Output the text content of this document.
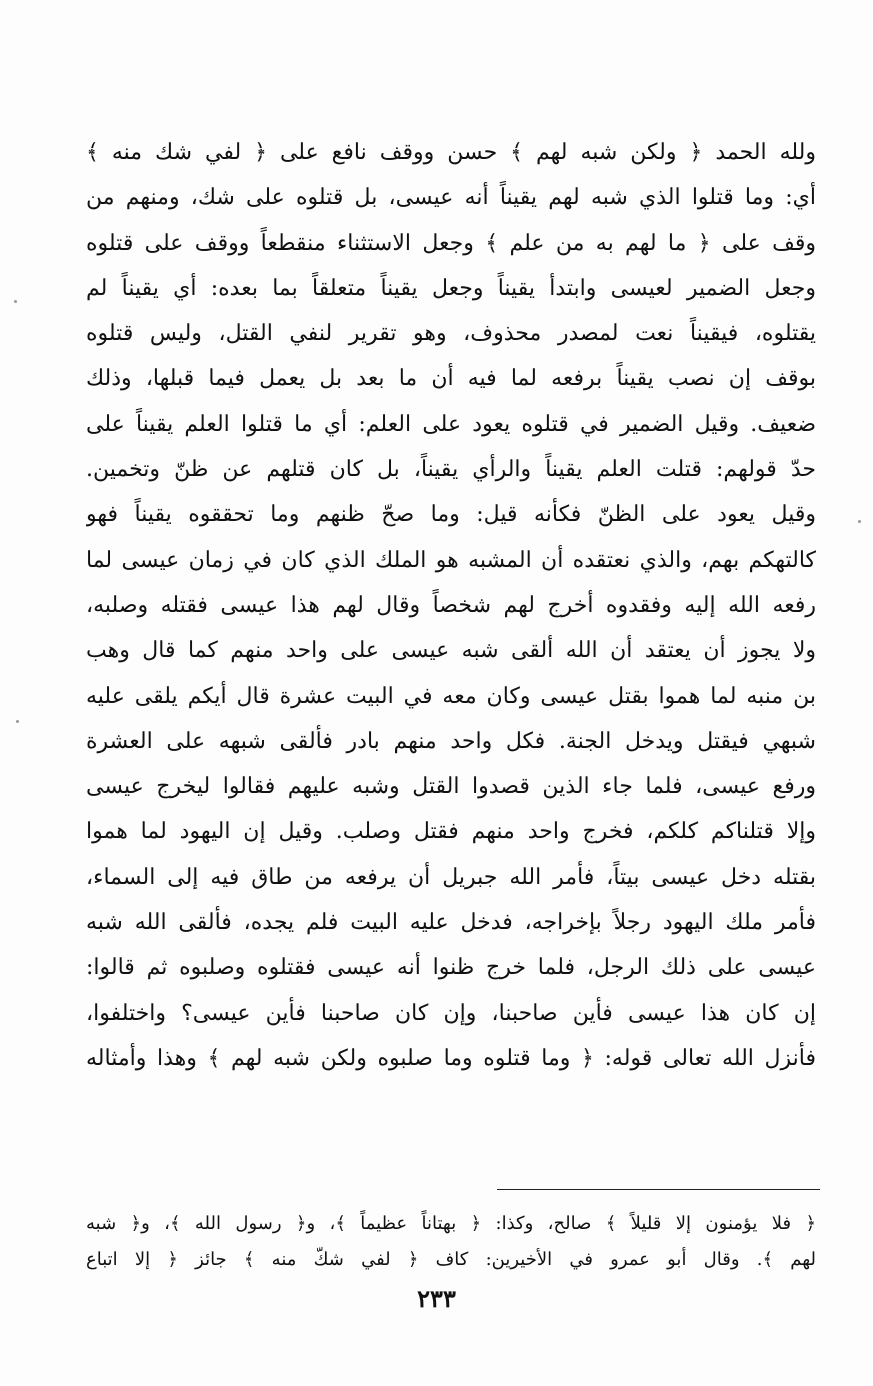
ولله الحمد ﴿ ولكن شبه لهم ﴾ حسن ووقف نافع على ﴿ لفي شك منه ﴾
أي: وما قتلوا الذي شبه لهم يقيناً أنه عيسى، بل قتلوه على شك، ومنهم من
وقف على ﴿ ما لهم به من علم ﴾ وجعل الاستثناء منقطعاً ووقف على قتلوه
وجعل الضمير لعيسى وابتدأ يقيناً وجعل يقيناً متعلقاً بما بعده: أي يقيناً لم
يقتلوه، فيقيناً نعت لمصدر محذوف، وهو تقرير لنفي القتل، وليس قتلوه
بوقف إن نصب يقيناً برفعه لما فيه أن ما بعد بل يعمل فيما قبلها، وذلك
ضعيف. وقيل الضمير في قتلوه يعود على العلم: أي ما قتلوا العلم يقيناً على
حدّ قولهم: قتلت العلم يقيناً والرأي يقيناً، بل كان قتلهم عن ظنّ وتخمين.
وقيل يعود على الظنّ فكأنه قيل: وما صحّ ظنهم وما تحققوه يقيناً فهو
كالتهكم بهم، والذي نعتقده أن المشبه هو الملك الذي كان في زمان عيسى لما
رفعه الله إليه وفقدوه أخرج لهم شخصاً وقال لهم هذا عيسى فقتله وصلبه،
ولا يجوز أن يعتقد أن الله ألقى شبه عيسى على واحد منهم كما قال وهب
بن منبه لما هموا بقتل عيسى وكان معه في البيت عشرة قال أيكم يلقى عليه
شبهي فيقتل ويدخل الجنة. فكل واحد منهم بادر فألقى شبهه على العشرة
ورفع عيسى، فلما جاء الذين قصدوا القتل وشبه عليهم فقالوا ليخرج عيسى
وإلا قتلناكم كلكم، فخرج واحد منهم فقتل وصلب. وقيل إن اليهود لما هموا
بقتله دخل عيسى بيتاً، فأمر الله جبريل أن يرفعه من طاق فيه إلى السماء،
فأمر ملك اليهود رجلاً بإخراجه، فدخل عليه البيت فلم يجده، فألقى الله شبه
عيسى على ذلك الرجل، فلما خرج ظنوا أنه عيسى فقتلوه وصلبوه ثم قالوا:
إن كان هذا عيسى فأين صاحبنا، وإن كان صاحبنا فأين عيسى؟ واختلفوا،
فأنزل الله تعالى قوله: ﴿ وما قتلوه وما صلبوه ولكن شبه لهم ﴾ وهذا وأمثاله
﴿ فلا يؤمنون إلا قليلاً ﴾ صالح، وكذا: ﴿ بهتاناً عظيماً ﴾، و﴿ رسول الله ﴾، و﴿ شبه
لهم ﴾. وقال أبو عمرو في الأخيرين: كاف ﴿ لفي شكّ منه ﴾ جائز ﴿ إلا اتباع
٢٣٣
